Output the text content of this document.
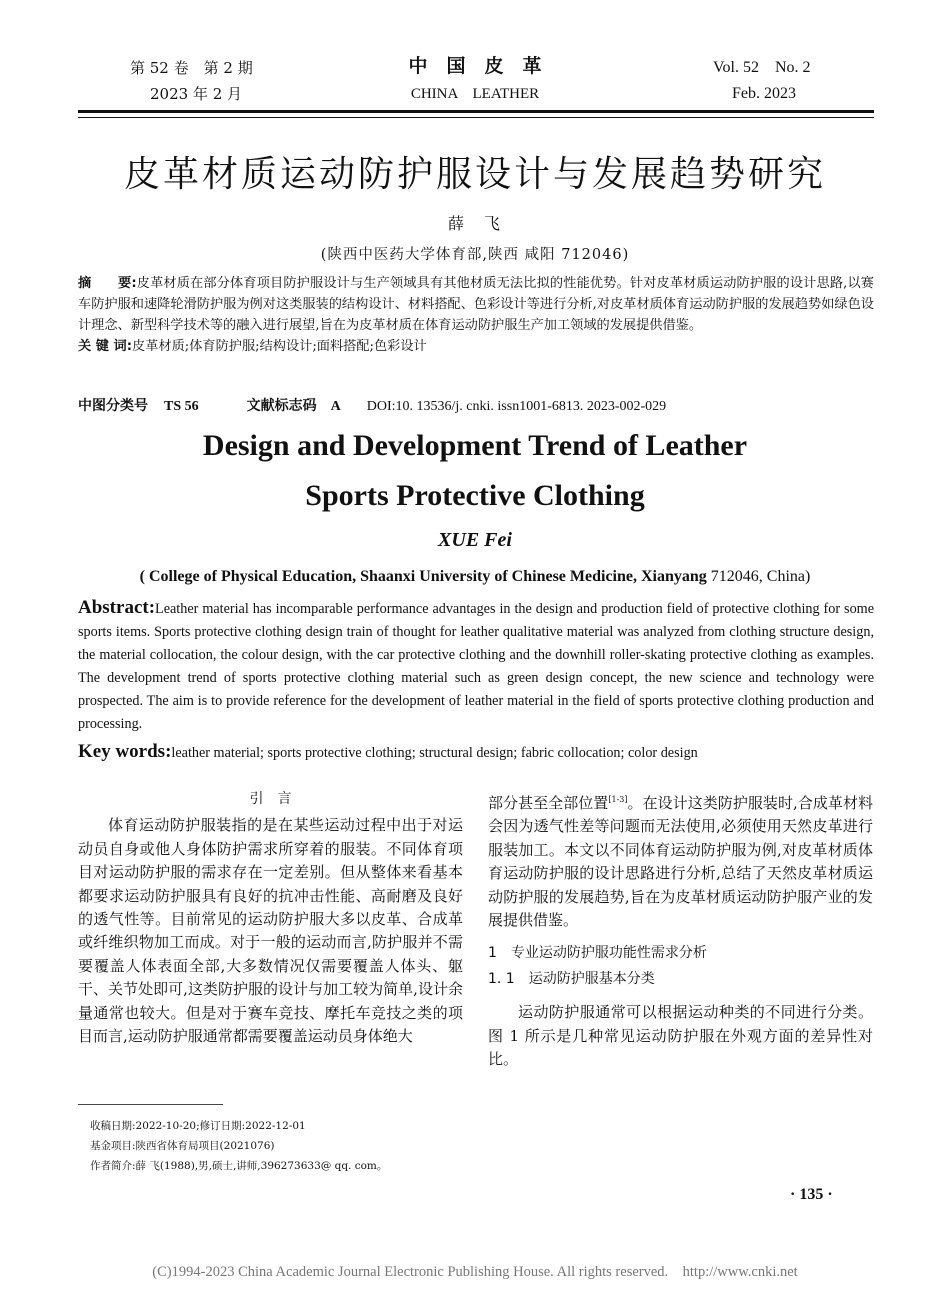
第 52 卷　第 2 期
2023 年 2 月
中　国　皮　革
CHINA　LEATHER
Vol. 52　No. 2
Feb. 2023
皮革材质运动防护服设计与发展趋势研究
薛　飞
(陕西中医药大学体育部,陕西 咸阳 712046)

摘　　要:皮革材质在部分体育项目防护服设计与生产领域具有其他材质无法比拟的性能优势。针对皮革材质运动防护服的设计思路,以赛车防护服和速降轮滑防护服为例对这类服装的结构设计、材料搭配、色彩设计等进行分析,对皮革材质体育运动防护服的发展趋势如绿色设计理念、新型科学技术等的融入进行展望,旨在为皮革材质在体育运动防护服生产加工领域的发展提供借鉴。

关 键 词:皮革材质;体育防护服;结构设计;面料搭配;色彩设计

中图分类号 TS 56	文献标志码 A DOI:10. 13536/j. cnki. issn1001-6813. 2023-002-029
Design and Development Trend of Leather
Sports Protective Clothing
XUE Fei
( College of Physical Education, Shaanxi University of Chinese Medicine, Xianyang 712046, China)

Abstract:Leather material has incomparable performance advantages in the design and production field of protective clothing for some sports items. Sports protective clothing design train of thought for leather qualitative material was analyzed from clothing structure design, the material collocation, the colour design, with the car protective clothing and the downhill roller-skating protective clothing as examples. The development trend of sports protective clothing material such as green design concept, the new science and technology were prospected. The aim is to provide reference for the development of leather material in the field of sports protective clothing production and processing.

Key words:leather material; sports protective clothing; structural design; fabric collocation; color design

引　言

体育运动防护服装指的是在某些运动过程中出于对运动员自身或他人身体防护需求所穿着的服装。不同体育项目对运动防护服的需求存在一定差别。但从整体来看基本都要求运动防护服具有良好的抗冲击性能、高耐磨及良好的透气性等。目前常见的运动防护服大多以皮革、合成革或纤维织物加工而成。对于一般的运动而言,防护服并不需要覆盖人体表面全部,大多数情况仅需要覆盖人体头、躯干、关节处即可,这类防护服的设计与加工较为简单,设计余量通常也较大。但是对于赛车竞技、摩托车竞技之类的项目而言,运动防护服通常都需要覆盖运动员身体绝大

部分甚至全部位置[1-3]。在设计这类防护服装时,合成革材料会因为透气性差等问题而无法使用,必须使用天然皮革进行服装加工。本文以不同体育运动防护服为例,对皮革材质体育运动防护服的设计思路进行分析,总结了天然皮革材质运动防护服的发展趋势,旨在为皮革材质运动防护服产业的发展提供借鉴。

1　专业运动防护服功能性需求分析

1. 1　运动防护服基本分类

运动防护服通常可以根据运动种类的不同进行分类。图 1 所示是几种常见运动防护服在外观方面的差异性对比。

收稿日期:2022-10-20;修订日期:2022-12-01
基金项目:陕西省体育局项目(2021076)
作者简介:薛 飞(1988),男,硕士,讲师,396273633@ qq. com。
· 135 ·
(C)1994-2023 China Academic Journal Electronic Publishing House. All rights reserved.　http://www.cnki.net
